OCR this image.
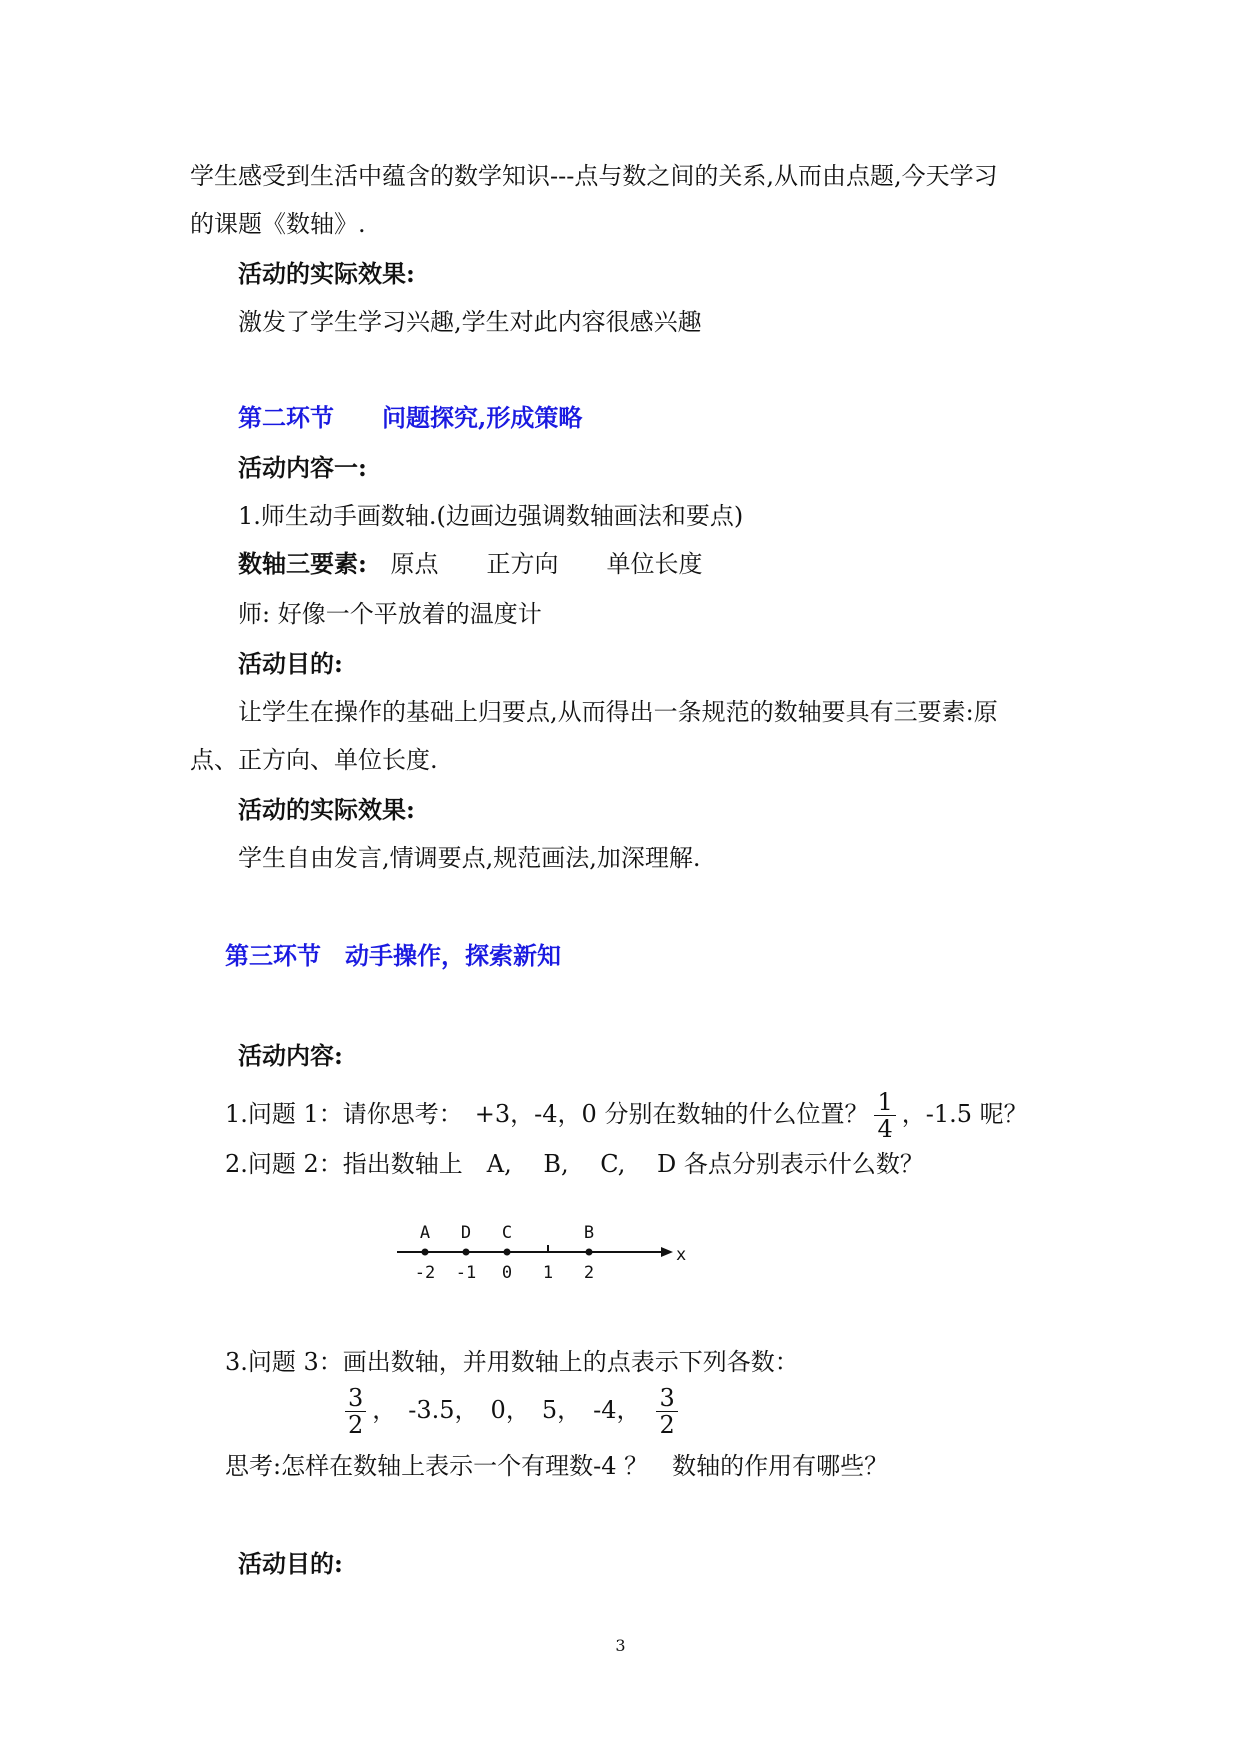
学生感受到生活中蕴含的数学知识---点与数之间的关系,从而由点题,今天学习
的课题《数轴》.
活动的实际效果:
激发了学生学习兴趣,学生对此内容很感兴趣
第二环节　　问题探究,形成策略
活动内容一:
1.师生动手画数轴.(边画边强调数轴画法和要点)
数轴三要素: 原点　　正方向　　单位长度
师: 好像一个平放着的温度计
活动目的:
让学生在操作的基础上归要点,从而得出一条规范的数轴要具有三要素:原
点、正方向、单位长度.
活动的实际效果:
学生自由发言,情调要点,规范画法,加深理解.
第三环节　动手操作，探索新知
活动内容:
1.问题 1：请你思考：　+3，-4，0 分别在数轴的什么位置？ $\frac{1}{4}$ ，-1.5 呢？
2.问题 2：指出数轴上　A,　 B,　 C,　 D 各点分别表示什么数？
-2 -1 0 1 2
A D C	B
x
3.问题 3：画出数轴，并用数轴上的点表示下列各数：
$\frac{3}{2}$ ，　-3.5，　0，　5，　-4， $\frac{3}{2}$
思考:怎样在数轴上表示一个有理数-4 ？　数轴的作用有哪些？
活动目的:
3
